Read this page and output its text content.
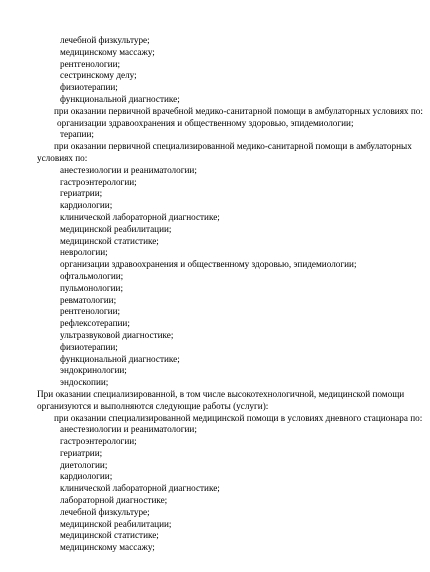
лечебной физкультуре;
медицинскому массажу;
рентгенологии;
сестринскому делу;
физиотерапии;
функциональной диагностике;
при оказании первичной врачебной медико-санитарной помощи в амбулаторных условиях по:
организации здравоохранения и общественному здоровью, эпидемиологии;
терапии;
при оказании первичной специализированной медико-санитарной помощи в амбулаторных
условиях по:
анестезиологии и реаниматологии;
гастроэнтерологии;
гериатрии;
кардиологии;
клинической лабораторной диагностике;
медицинской реабилитации;
медицинской статистике;
неврологии;
организации здравоохранения и общественному здоровью, эпидемиологии;
офтальмологии;
пульмонологии;
ревматологии;
рентгенологии;
рефлексотерапии;
ультразвуковой диагностике;
физиотерапии;
функциональной диагностике;
эндокринологии;
эндоскопии;
При оказании специализированной, в том числе высокотехнологичной, медицинской помощи
организуются и выполняются следующие работы (услуги):
при оказании специализированной медицинской помощи в условиях дневного стационара по:
анестезиологии и реаниматологии;
гастроэнтерологии;
гериатрии;
диетологии;
кардиологии;
клинической лабораторной диагностике;
лабораторной диагностике;
лечебной физкультуре;
медицинской реабилитации;
медицинской статистике;
медицинскому массажу;
